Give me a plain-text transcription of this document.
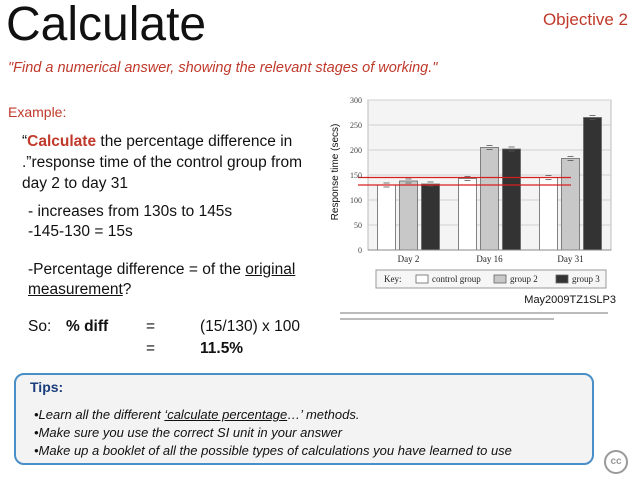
Calculate	Objective 2
"Find a numerical answer, showing the relevant stages of working."
Example:
“Calculate the percentage difference in .”response time of the control group from day 2 to day 31
- increases from 130s to 145s
-145-130 = 15s
-Percentage difference = of the original measurement?
So: % diff =	(15/130) x 100
=	11.5%
0
50
100
150
200
250
300
Day 2	Day 16	Day 31
Response time (secs)
Key:	control group	group 2	group 3
May2009TZ1SLP3
Tips:
•Learn all the different ‘calculate percentage…’ methods.
•Make sure you use the correct SI unit in your answer
•Make up a booklet of all the possible types of calculations you have learned to use
cc
